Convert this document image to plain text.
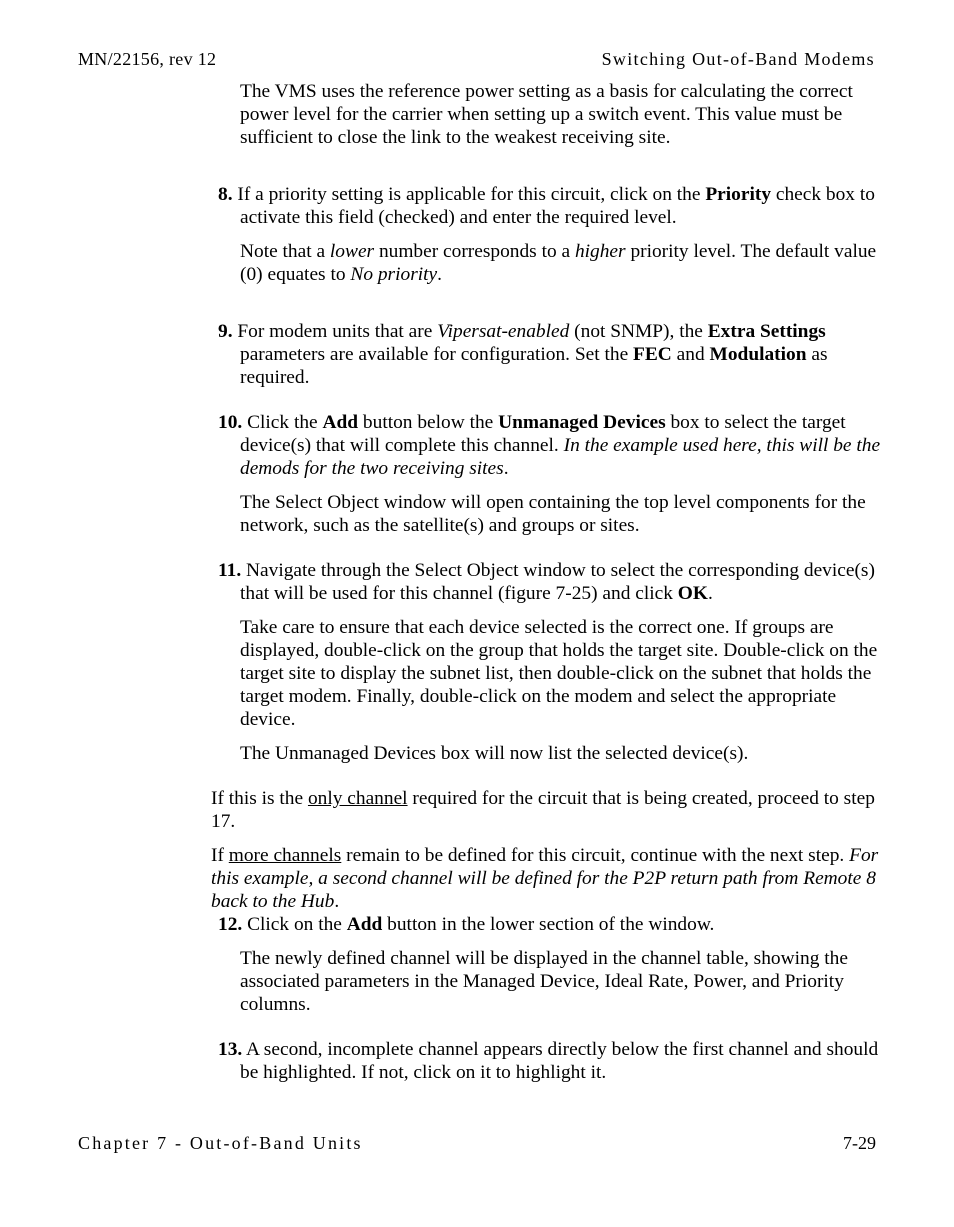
MN/22156, rev 12	Switching Out-of-Band Modems

The VMS uses the reference power setting as a basis for calculating the correct power level for the carrier when setting up a switch event. This value must be sufficient to close the link to the weakest receiving site.

8. If a priority setting is applicable for this circuit, click on the Priority check box to activate this field (checked) and enter the required level.

Note that a lower number corresponds to a higher priority level. The default value (0) equates to No priority.

9. For modem units that are Vipersat-enabled (not SNMP), the Extra Settings parameters are available for configuration. Set the FEC and Modulation as required.

10. Click the Add button below the Unmanaged Devices box to select the target device(s) that will complete this channel. In the example used here, this will be the demods for the two receiving sites.

The Select Object window will open containing the top level components for the network, such as the satellite(s) and groups or sites.

11. Navigate through the Select Object window to select the corresponding device(s) that will be used for this channel (figure 7-25) and click OK.

Take care to ensure that each device selected is the correct one. If groups are displayed, double-click on the group that holds the target site. Double-click on the target site to display the subnet list, then double-click on the subnet that holds the target modem. Finally, double-click on the modem and select the appropriate device.

The Unmanaged Devices box will now list the selected device(s).

If this is the only channel required for the circuit that is being created, proceed to step 17.

If more channels remain to be defined for this circuit, continue with the next step. For this example, a second channel will be defined for the P2P return path from Remote 8 back to the Hub.

12. Click on the Add button in the lower section of the window.

The newly defined channel will be displayed in the channel table, showing the associated parameters in the Managed Device, Ideal Rate, Power, and Priority columns.

13. A second, incomplete channel appears directly below the first channel and should be highlighted. If not, click on it to highlight it.

Chapter 7 - Out-of-Band Units	7-29
